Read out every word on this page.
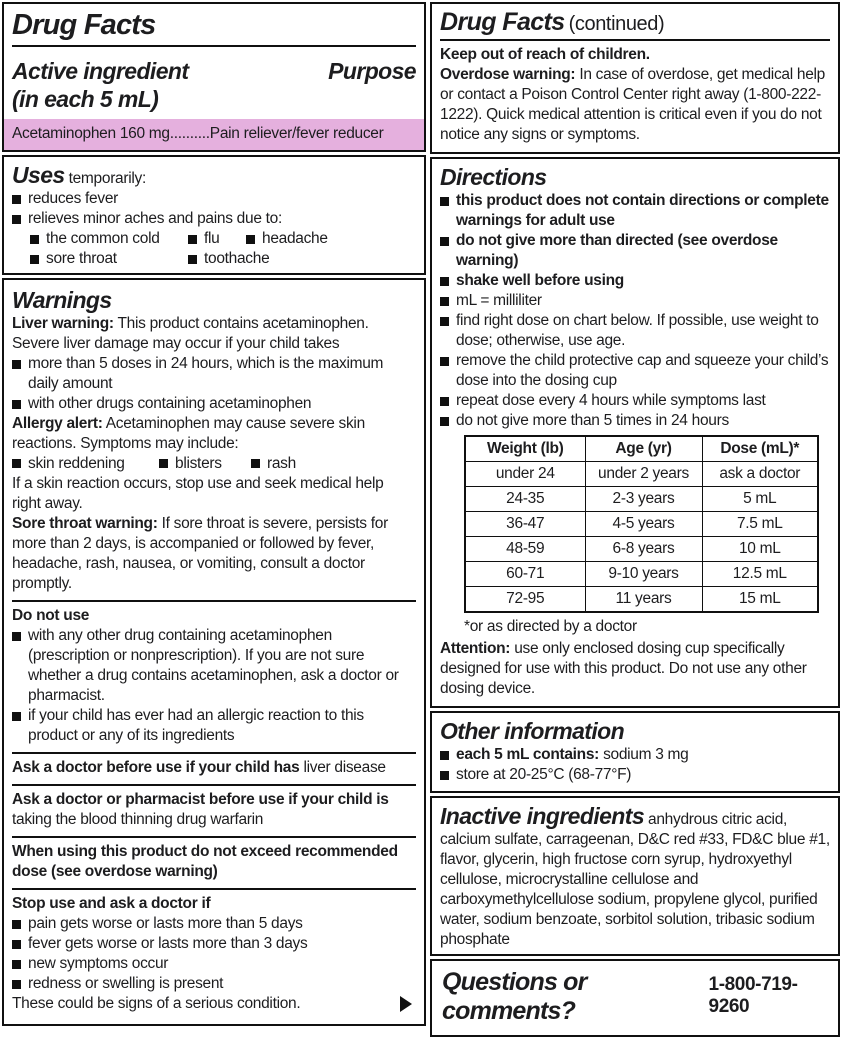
Drug Facts
Active ingredient
(in each 5 mL)
Purpose
Acetaminophen 160 mg..........Pain reliever/fever reducer
Uses temporarily:
reduces fever
relieves minor aches and pains due to:
the common cold	flu	headache
sore throat	toothache
Warnings
Liver warning: This product contains acetaminophen. Severe liver damage may occur if your child takes
more than 5 doses in 24 hours, which is the maximum daily amount
with other drugs containing acetaminophen
Allergy alert: Acetaminophen may cause severe skin reactions. Symptoms may include:
skin reddening	blisters	rash
If a skin reaction occurs, stop use and seek medical help right away.
Sore throat warning: If sore throat is severe, persists for more than 2 days, is accompanied or followed by fever, headache, rash, nausea, or vomiting, consult a doctor promptly.
Do not use
with any other drug containing acetaminophen (prescription or nonprescription). If you are not sure whether a drug contains acetaminophen, ask a doctor or pharmacist.
if your child has ever had an allergic reaction to this product or any of its ingredients
Ask a doctor before use if your child has liver disease
Ask a doctor or pharmacist before use if your child is taking the blood thinning drug warfarin
When using this product do not exceed recommended dose (see overdose warning)
Stop use and ask a doctor if
pain gets worse or lasts more than 5 days
fever gets worse or lasts more than 3 days
new symptoms occur
redness or swelling is present
These could be signs of a serious condition.
Drug Facts (continued)
Keep out of reach of children.
Overdose warning: In case of overdose, get medical help or contact a Poison Control Center right away (1-800-222-1222). Quick medical attention is critical even if you do not notice any signs or symptoms.
Directions
this product does not contain directions or complete warnings for adult use
do not give more than directed (see overdose warning)
shake well before using
mL = milliliter
find right dose on chart below. If possible, use weight to dose; otherwise, use age.
remove the child protective cap and squeeze your child’s dose into the dosing cup
repeat dose every 4 hours while symptoms last
do not give more than 5 times in 24 hours
Weight (lb)	Age (yr)	Dose (mL)*
under 24	under 2 years	ask a doctor
24-35	2-3 years	5 mL
36-47	4-5 years	7.5 mL
48-59	6-8 years	10 mL
60-71	9-10 years	12.5 mL
72-95	11 years	15 mL
*or as directed by a doctor
Attention: use only enclosed dosing cup specifically designed for use with this product. Do not use any other dosing device.
Other information
each 5 mL contains: sodium 3 mg
store at 20-25°C (68-77°F)
Inactive ingredients anhydrous citric acid, calcium sulfate, carrageenan, D&C red #33, FD&C blue #1, flavor, glycerin, high fructose corn syrup, hydroxyethyl cellulose, microcrystalline cellulose and carboxymethylcellulose sodium, propylene glycol, purified water, sodium benzoate, sorbitol solution, tribasic sodium phosphate
Questions or comments?
1-800-719-9260
